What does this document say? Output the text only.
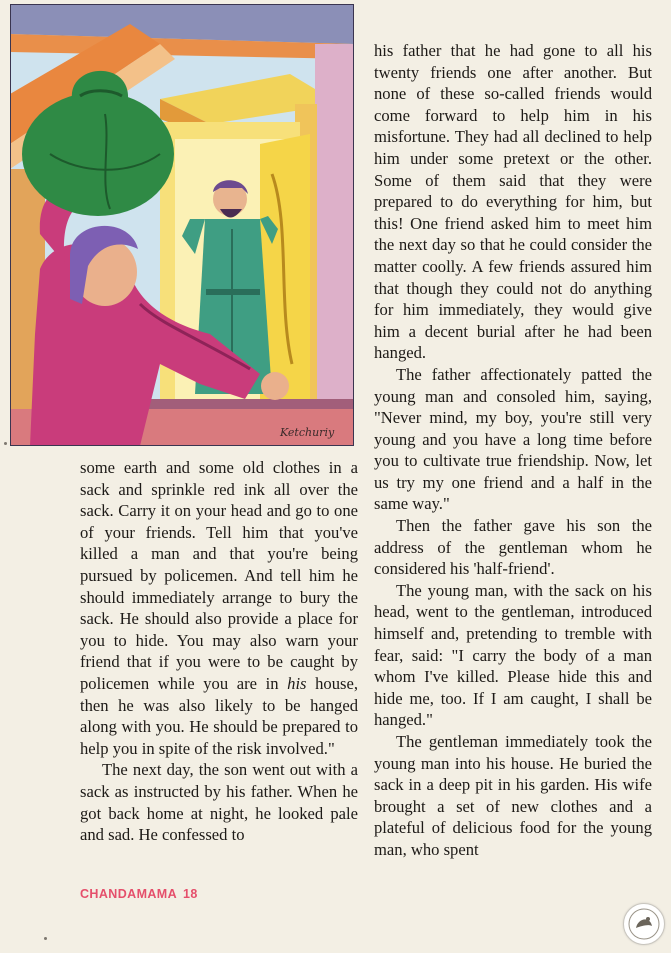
Ketchuriy

some earth and some old clothes in a sack and sprinkle red ink all over the sack. Carry it on your head and go to one of your friends. Tell him that you've killed a man and that you're being pursued by policemen. And tell him he should immediately arrange to bury the sack. He should also provide a place for you to hide. You may also warn your friend that if you were to be caught by policemen while you are in his house, then he was also likely to be hanged along with you. He should be prepared to help you in spite of the risk involved."

The next day, the son went out with a sack as instructed by his father. When he got back home at night, he looked pale and sad. He confessed to

his father that he had gone to all his twenty friends one after another. But none of these so-called friends would come forward to help him in his misfortune. They had all declined to help him under some pretext or the other. Some of them said that they were prepared to do everything for him, but this! One friend asked him to meet him the next day so that he could consider the matter coolly. A few friends assured him that though they could not do anything for him immediately, they would give him a decent burial after he had been hanged.

The father affectionately patted the young man and consoled him, saying, "Never mind, my boy, you're still very young and you have a long time before you to cultivate true friendship. Now, let us try my one friend and a half in the same way."

Then the father gave his son the address of the gentleman whom he considered his 'half-friend'.

The young man, with the sack on his head, went to the gentleman, introduced himself and, pretending to tremble with fear, said: "I carry the body of a man whom I've killed. Please hide this and hide me, too. If I am caught, I shall be hanged."

The gentleman immediately took the young man into his house. He buried the sack in a deep pit in his garden. His wife brought a set of new clothes and a plateful of delicious food for the young man, who spent

CHANDAMAMA 18
